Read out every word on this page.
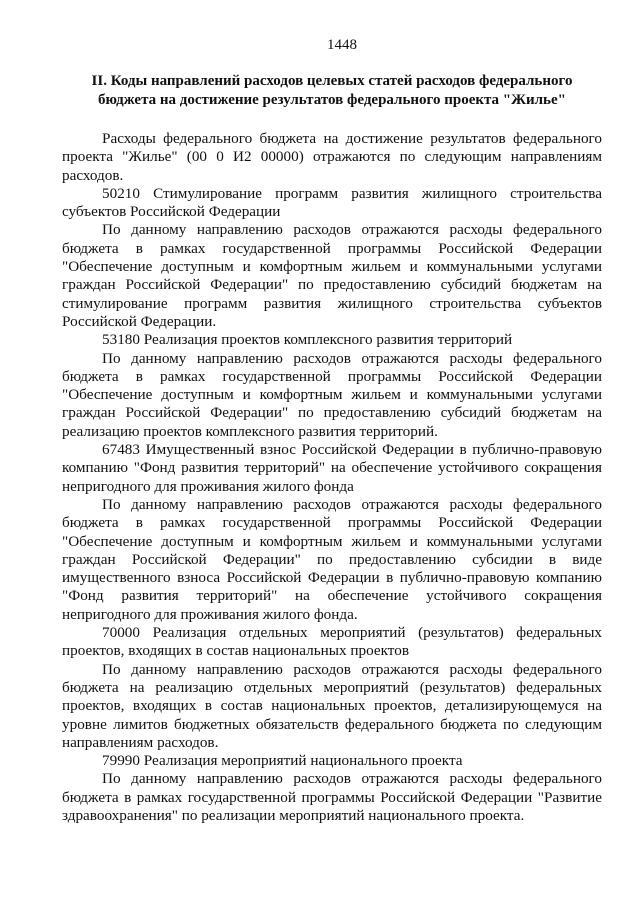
1448
II. Коды направлений расходов целевых статей расходов федерального
бюджета на достижение результатов федерального проекта "Жилье"

Расходы федерального бюджета на достижение результатов федерального проекта "Жилье" (00 0 И2 00000) отражаются по следующим направлениям расходов.

50210 Стимулирование программ развития жилищного строительства субъектов Российской Федерации

По данному направлению расходов отражаются расходы федерального бюджета в рамках государственной программы Российской Федерации "Обеспечение доступным и комфортным жильем и коммунальными услугами граждан Российской Федерации" по предоставлению субсидий бюджетам на стимулирование программ развития жилищного строительства субъектов Российской Федерации.

53180 Реализация проектов комплексного развития территорий

По данному направлению расходов отражаются расходы федерального бюджета в рамках государственной программы Российской Федерации "Обеспечение доступным и комфортным жильем и коммунальными услугами граждан Российской Федерации" по предоставлению субсидий бюджетам на реализацию проектов комплексного развития территорий.

67483 Имущественный взнос Российской Федерации в публично-правовую компанию "Фонд развития территорий" на обеспечение устойчивого сокращения непригодного для проживания жилого фонда

По данному направлению расходов отражаются расходы федерального бюджета в рамках государственной программы Российской Федерации "Обеспечение доступным и комфортным жильем и коммунальными услугами граждан Российской Федерации" по предоставлению субсидии в виде имущественного взноса Российской Федерации в публично-правовую компанию "Фонд развития территорий" на обеспечение устойчивого сокращения непригодного для проживания жилого фонда.

70000 Реализация отдельных мероприятий (результатов) федеральных проектов, входящих в состав национальных проектов

По данному направлению расходов отражаются расходы федерального бюджета на реализацию отдельных мероприятий (результатов) федеральных проектов, входящих в состав национальных проектов, детализирующемуся на уровне лимитов бюджетных обязательств федерального бюджета по следующим направлениям расходов.

79990 Реализация мероприятий национального проекта

По данному направлению расходов отражаются расходы федерального бюджета в рамках государственной программы Российской Федерации "Развитие здравоохранения" по реализации мероприятий национального проекта.
